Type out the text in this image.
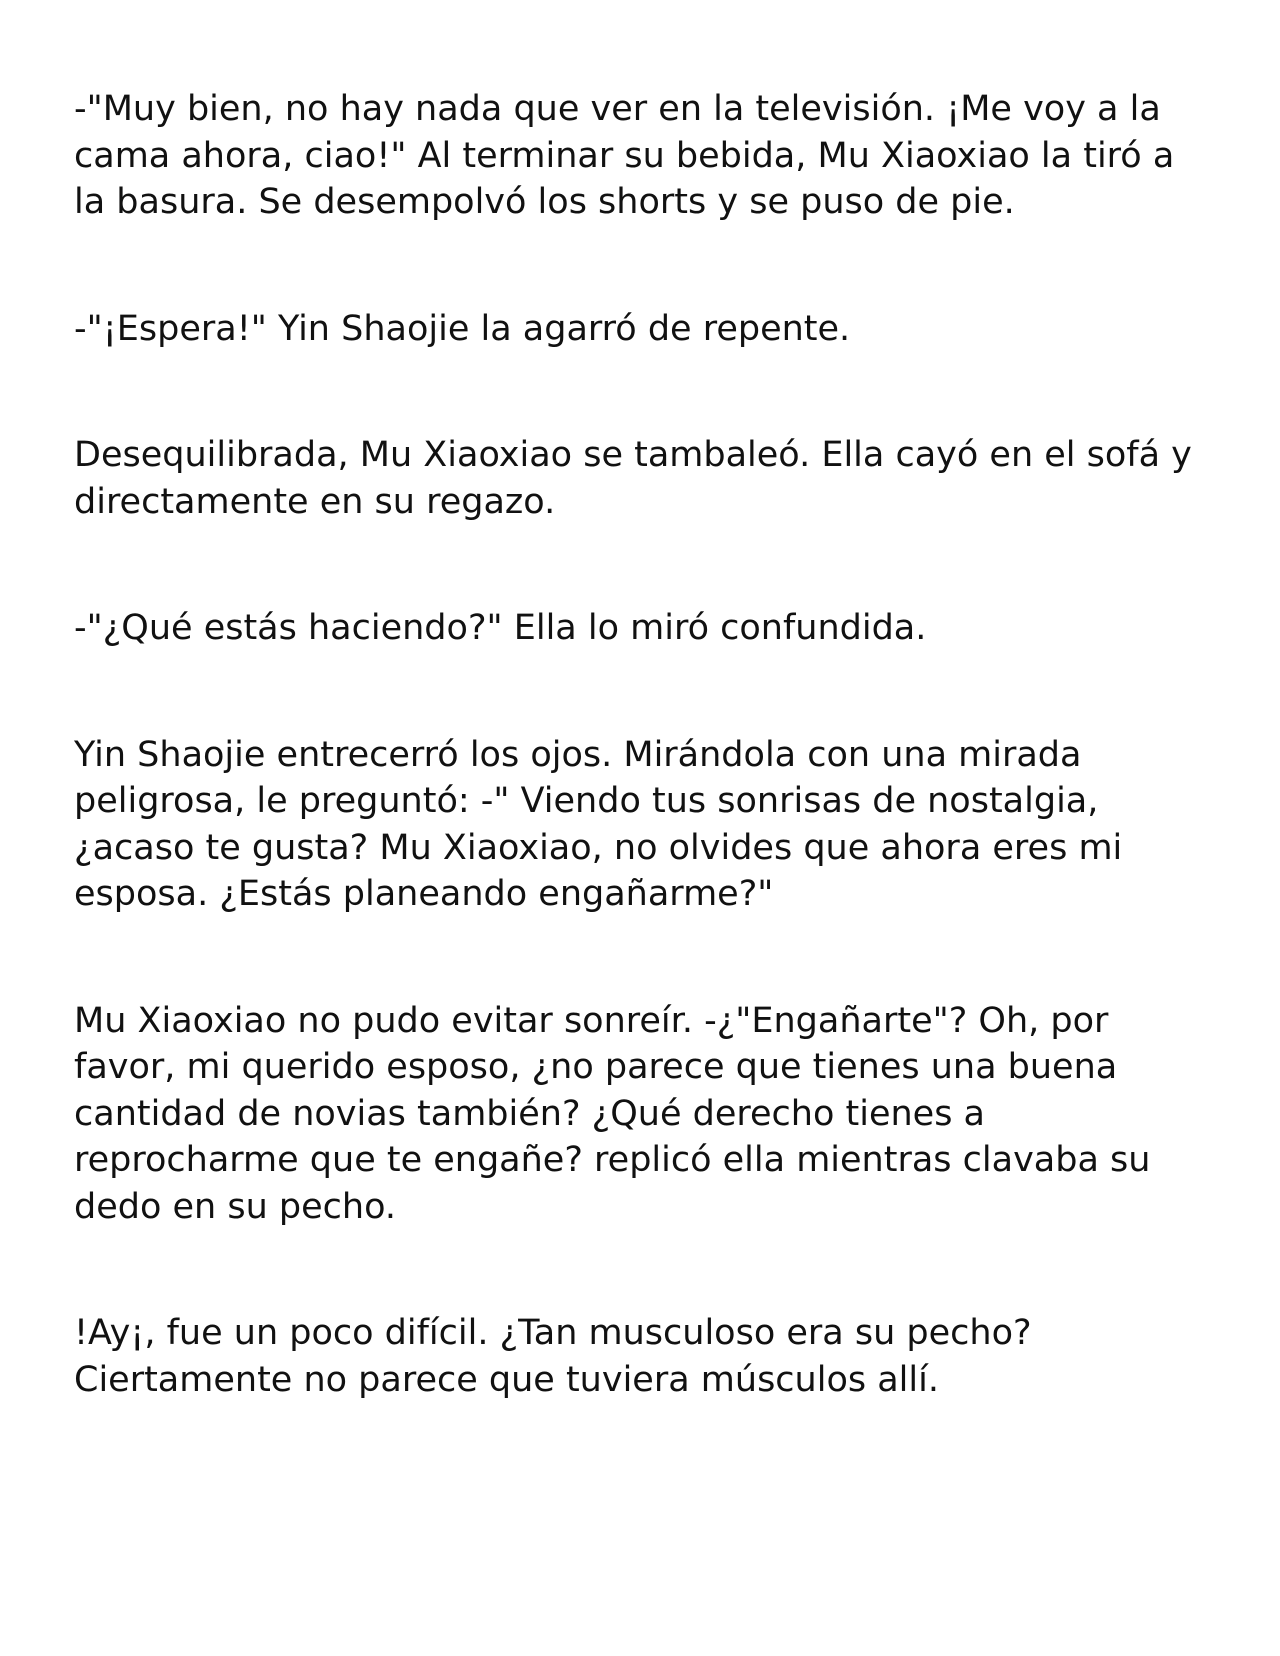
-"Muy bien, no hay nada que ver en la televisión. ¡Me voy a la cama ahora, ciao!" Al terminar su bebida, Mu Xiaoxiao la tiró a la basura. Se desempolvó los shorts y se puso de pie.

-"¡Espera!" Yin Shaojie la agarró de repente.

Desequilibrada, Mu Xiaoxiao se tambaleó. Ella cayó en el sofá y directamente en su regazo.

-"¿Qué estás haciendo?" Ella lo miró confundida.

Yin Shaojie entrecerró los ojos. Mirándola con una mirada peligrosa, le preguntó: -" Viendo tus sonrisas de nostalgia, ¿acaso te gusta? Mu Xiaoxiao, no olvides que ahora eres mi esposa. ¿Estás planeando engañarme?"

Mu Xiaoxiao no pudo evitar sonreír. -¿"Engañarte"? Oh, por favor, mi querido esposo, ¿no parece que tienes una buena cantidad de novias también? ¿Qué derecho tienes a reprocharme que te engañe? replicó ella mientras clavaba su dedo en su pecho.

!Ay¡, fue un poco difícil. ¿Tan musculoso era su pecho? Ciertamente no parece que tuviera músculos allí.
